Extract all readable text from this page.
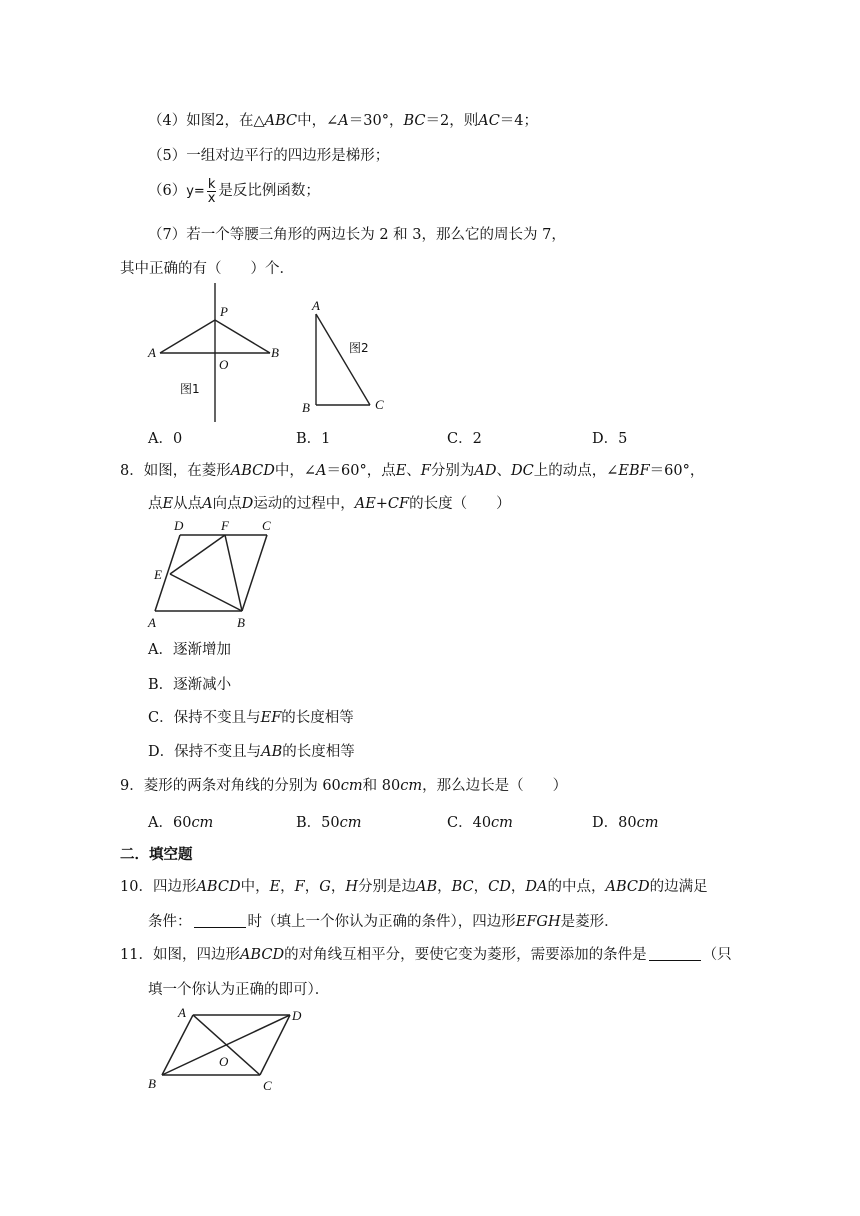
（4）如图2，在△ABC中，∠A＝30°，BC＝2，则AC＝4；
（5）一组对边平行的四边形是梯形；
$(6)y= \frac{k}{x}$ 是反比例函数；
（7）若一个等腰三角形的两边长为 2 和 3，那么它的周长为 7，
其中正确的有（　　）个．
A
P
O
B
图1
A
B	C
图2
A．0	B．1	C．2	D．5
8．如图，在菱形ABCD中，∠A＝60°，点E、F分别为AD、DC上的动点，∠EBF＝60°，
点E从点A向点D运动的过程中，AE+CF的长度（　　）
D	F	C
E
A	B
A．逐渐增加
B．逐渐减小
C．保持不变且与EF的长度相等
D．保持不变且与AB的长度相等
9．菱形的两条对角线的分别为 60cm和 80cm，那么边长是（　　）
A．60cm	B．50cm	C．40cm	D．80cm
二．填空题
10．四边形ABCD中，E，F，G，H分别是边AB，BC，CD，DA的中点，ABCD的边满足
条件：	时（填上一个你认为正确的条件），四边形EFGH是菱形．
11．如图，四边形ABCD的对角线互相平分，要使它变为菱形，需要添加的条件是	（只
填一个你认为正确的即可）．
A	D
O
B	C
